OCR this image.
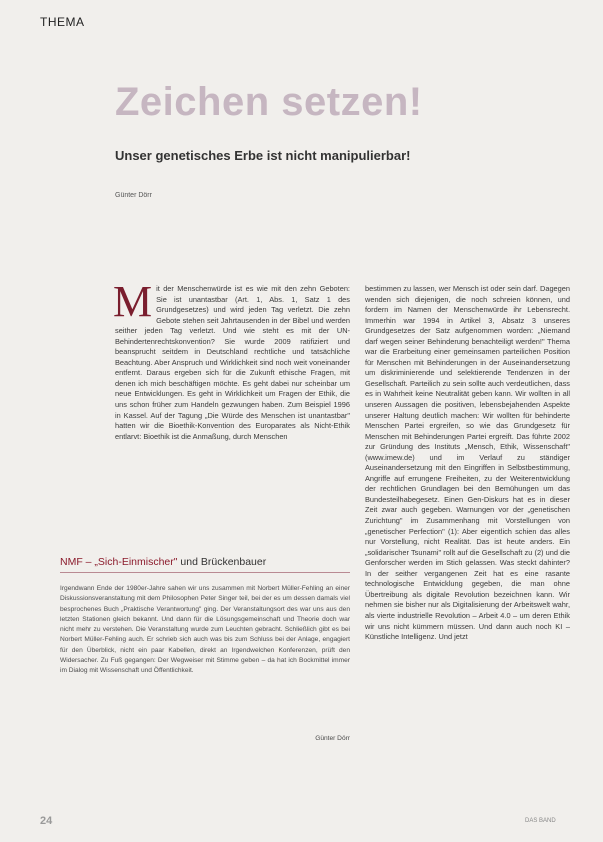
THEMA
Zeichen setzen!
Unser genetisches Erbe ist nicht manipulierbar!
Günter Dörr
Mit der Menschenwürde ist es wie mit den zehn Geboten: Sie ist unantastbar (Art. 1, Abs. 1, Satz 1 des Grundgesetzes) und wird jeden Tag verletzt. Die zehn Gebote stehen seit Jahrtausenden in der Bibel und werden seither jeden Tag verletzt. Und wie steht es mit der UN-Behindertenrechtskonvention? Sie wurde 2009 ratifiziert und beansprucht seitdem in Deutschland rechtliche und tatsächliche Beachtung. Aber Anspruch und Wirklichkeit sind noch weit voneinander entfernt. Daraus ergeben sich für die Zukunft ethische Fragen, mit denen ich mich beschäftigen möchte. Es geht dabei nur scheinbar um neue Entwicklungen. Es geht in Wirklichkeit um Fragen der Ethik, die uns schon früher zum Handeln gezwungen haben. Zum Beispiel 1996 in Kassel. Auf der Tagung „Die Würde des Menschen ist unantastbar" hatten wir die Bioethik-Konvention des Europarates als Nicht-Ethik entlarvt: Bioethik ist die Anmaßung, durch Menschen
bestimmen zu lassen, wer Mensch ist oder sein darf. Dagegen wenden sich diejenigen, die noch schreien können, und fordern im Namen der Menschenwürde ihr Lebensrecht. Immerhin war 1994 in Artikel 3, Absatz 3 unseres Grundgesetzes der Satz aufgenommen worden: „Niemand darf wegen seiner Behinderung benachteiligt werden!" Thema war die Erarbeitung einer gemeinsamen parteilichen Position für Menschen mit Behinderungen in der Auseinandersetzung um diskriminierende und selektierende Tendenzen in der Gesellschaft. Parteilich zu sein sollte auch verdeutlichen, dass es in Wahrheit keine Neutralität geben kann. Wir wollten in all unseren Aussagen die positiven, lebensbejahenden Aspekte unserer Haltung deutlich machen: Wir wollten für behinderte Menschen Partei ergreifen, so wie das Grundgesetz für Menschen mit Behinderungen Partei ergreift. Das führte 2002 zur Gründung des Instituts „Mensch, Ethik, Wissenschaft" (www.imew.de) und im Verlauf zu ständiger Auseinandersetzung mit den Eingriffen in Selbstbestimmung, Angriffe auf errungene Freiheiten, zu der Weiterentwicklung der rechtlichen Grundlagen bei den Bemühungen um das Bundesteilhabegesetz. Einen Gen-Diskurs hat es in dieser Zeit zwar auch gegeben. Warnungen vor der „genetischen Zurichtung" im Zusammenhang mit Vorstellungen von „genetischer Perfection" (1): Aber eigentlich schien das alles nur Vorstellung, nicht Realität. Das ist heute anders. Ein „solidarischer Tsunami" rollt auf die Gesellschaft zu (2) und die Genforscher werden im Stich gelassen. Was steckt dahinter? In der seither vergangenen Zeit hat es eine rasante technologische Entwicklung gegeben, die man ohne Übertreibung als digitale Revolution bezeichnen kann. Wir nehmen sie bisher nur als Digitalisierung der Arbeitswelt wahr, als vierte industrielle Revolution – Arbeit 4.0 – um deren Ethik wir uns nicht kümmern müssen. Und dann auch noch KI – Künstliche Intelligenz. Und jetzt
NMF – „Sich-Einmischer" und Brückenbauer
Irgendwann Ende der 1980er-Jahre sahen wir uns zusammen mit Norbert Müller-Fehling an einer Diskussionsveranstaltung mit dem Philosophen Peter Singer teil, bei der es um dessen damals viel besprochenes Buch „Praktische Verantwortung" ging. Der Veranstaltungsort des war uns aus den letzten Stationen gleich bekannt. Und dann für die Lösungsgemeinschaft und Theorie doch war nicht mehr zu verstehen. Die Veranstaltung wurde zum Leuchten gebracht. Schließlich gibt es bei Norbert Müller-Fehling auch. Er schrieb sich auch was bis zum Schluss bei der Anlage, engagiert für den Überblick, nicht ein paar Kabellen, direkt an Irgendwelchen Konferenzen, prüft den Widersacher. Zu Fuß gegangen: Der Wegweiser mit Stimme geben – da hat ich Bockmittel immer im Dialog mit Wissenschaft und Öffentlichkeit.
Günter Dörr
24	DAS BAND
